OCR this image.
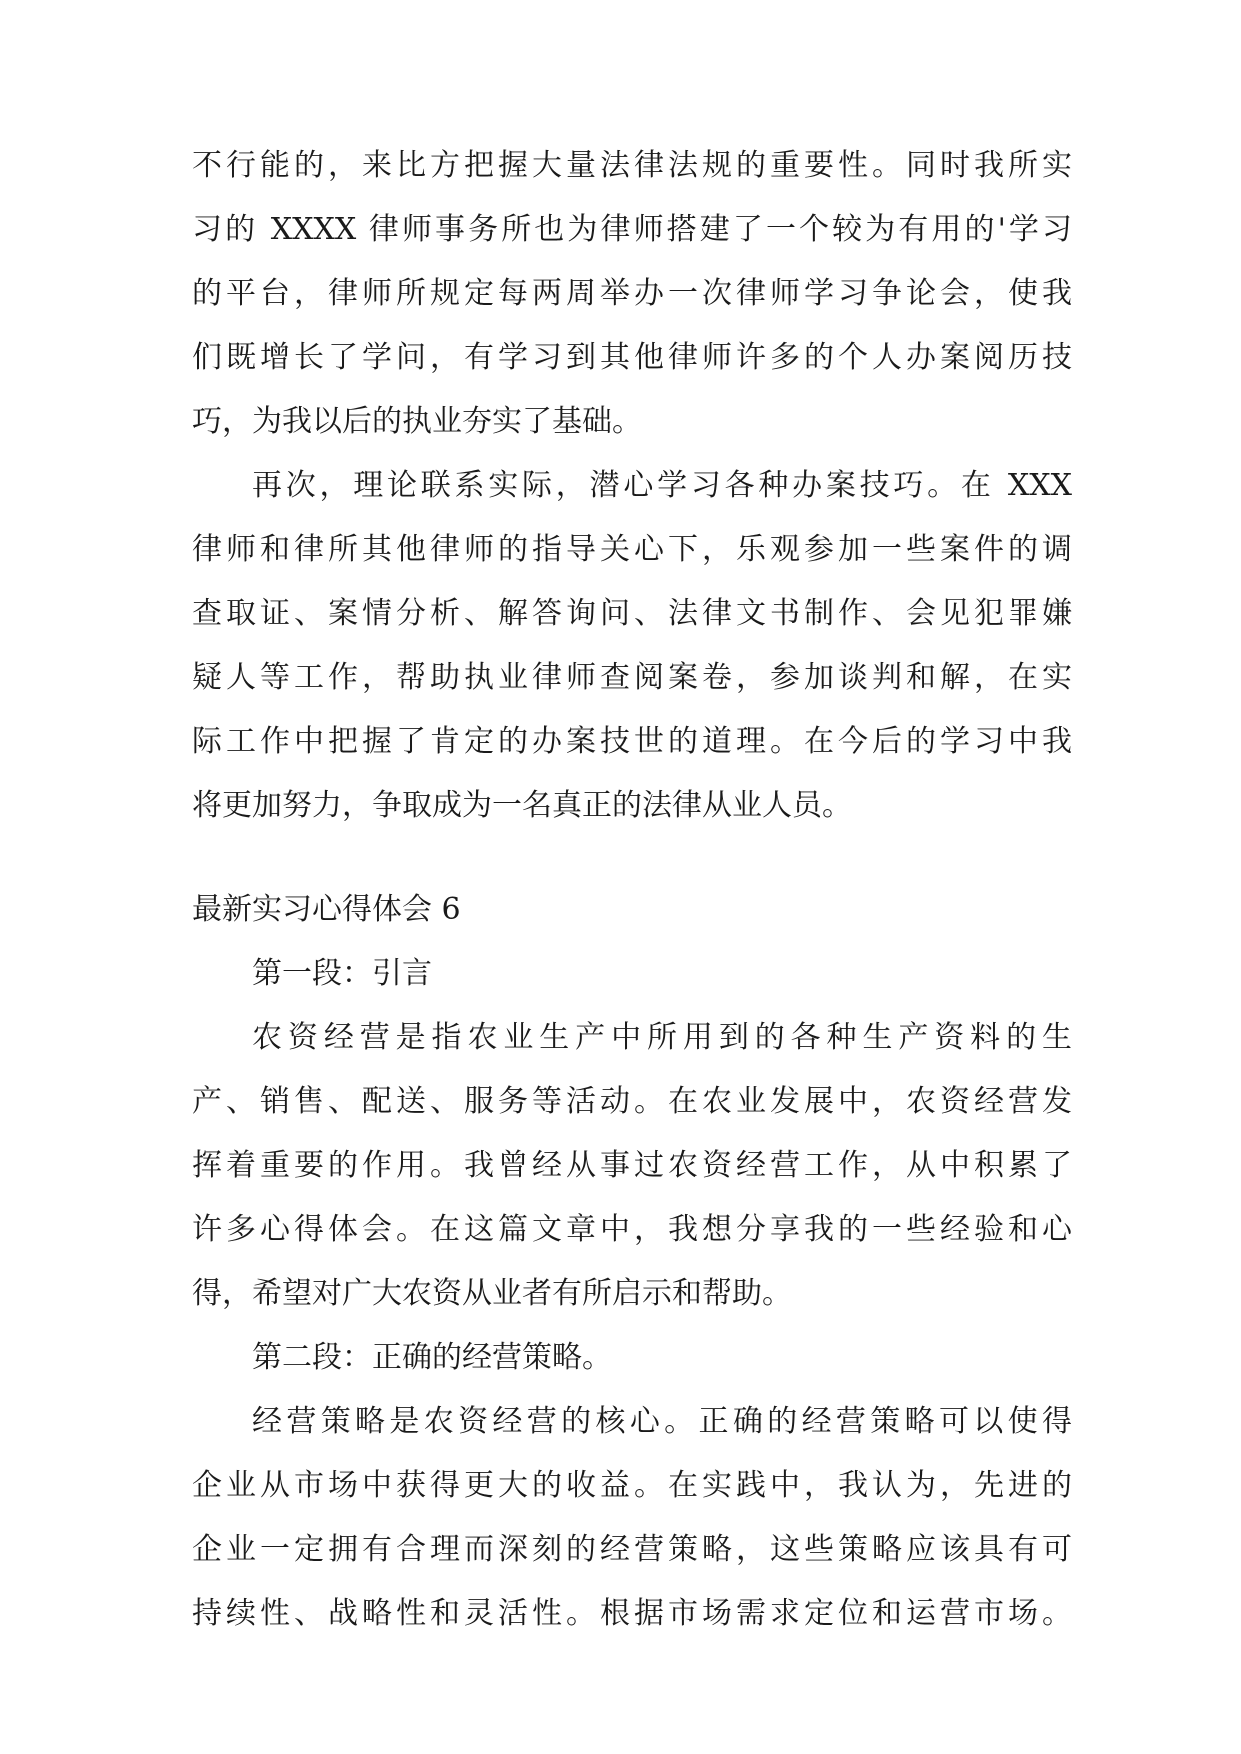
不行能的，来比方把握大量法律法规的重要性。同时我所实
习的 XXXX 律师事务所也为律师搭建了一个较为有用的'学习
的平台，律师所规定每两周举办一次律师学习争论会，使我
们既增长了学问，有学习到其他律师许多的个人办案阅历技
巧，为我以后的执业夯实了基础。
再次，理论联系实际，潜心学习各种办案技巧。在 XXX
律师和律所其他律师的指导关心下，乐观参加一些案件的调
查取证、案情分析、解答询问、法律文书制作、会见犯罪嫌
疑人等工作，帮助执业律师查阅案卷，参加谈判和解，在实
际工作中把握了肯定的办案技世的道理。在今后的学习中我
将更加努力，争取成为一名真正的法律从业人员。
最新实习心得体会 6
第一段：引言
农资经营是指农业生产中所用到的各种生产资料的生
产、销售、配送、服务等活动。在农业发展中，农资经营发
挥着重要的作用。我曾经从事过农资经营工作，从中积累了
许多心得体会。在这篇文章中，我想分享我的一些经验和心
得，希望对广大农资从业者有所启示和帮助。
第二段：正确的经营策略。
经营策略是农资经营的核心。正确的经营策略可以使得
企业从市场中获得更大的收益。在实践中，我认为，先进的
企业一定拥有合理而深刻的经营策略，这些策略应该具有可
持续性、战略性和灵活性。根据市场需求定位和运营市场。
